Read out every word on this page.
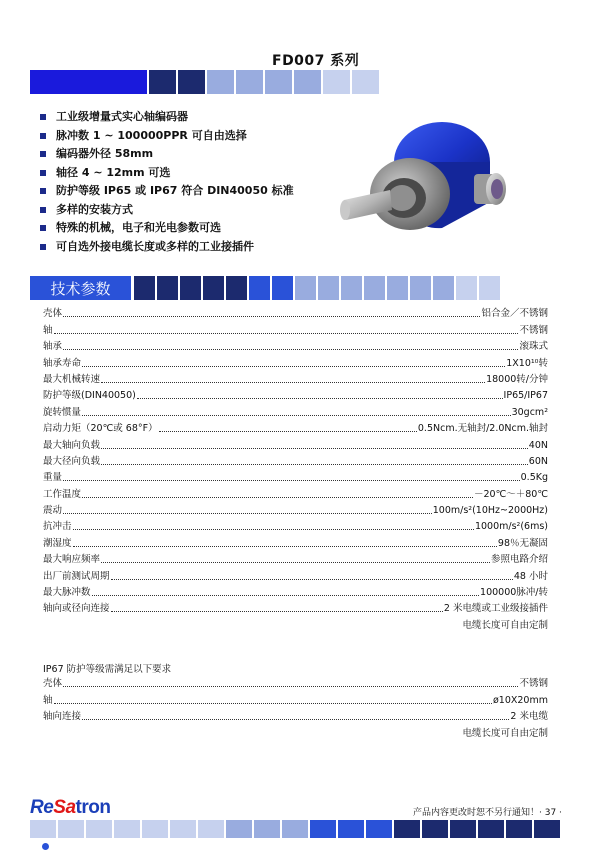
FD007 系列
工业级增量式实心轴编码器
脉冲数 1 ~ 100000PPR 可自由选择
编码器外径 58mm
轴径 4 ~ 12mm 可选
防护等级 IP65 或 IP67 符合 DIN40050 标准
多样的安装方式
特殊的机械，电子和光电参数可选
可自选外接电缆长度或多样的工业接插件
技术参数
壳体	铝合金／不锈钢
轴	不锈钢
轴承	滚珠式
轴承寿命	1X10¹⁰转
最大机械转速	18000转/分钟
防护等级(DIN40050)	IP65/IP67
旋转惯量	30gcm²
启动力矩（20℃或 68°F）	0.5Ncm.无轴封/2.0Ncm.轴封
最大轴向负载	40N
最大径向负载	60N
重量	0.5Kg
工作温度	－20℃～＋80℃
震动	100m/s²(10Hz~2000Hz)
抗冲击	1000m/s²(6ms)
潮湿度	98％无凝固
最大响应频率	参照电路介绍
出厂前测试周期	48 小时
最大脉冲数	100000脉冲/转
轴向或径向连接	2 米电缆或工业级接插件
电缆长度可自由定制
IP67 防护等级需满足以下要求
壳体	不锈钢
轴	ø10X20mm
轴向连接	2 米电缆
电缆长度可自由定制
ReSatron	产品内容更改时恕不另行通知！· 37 ·
